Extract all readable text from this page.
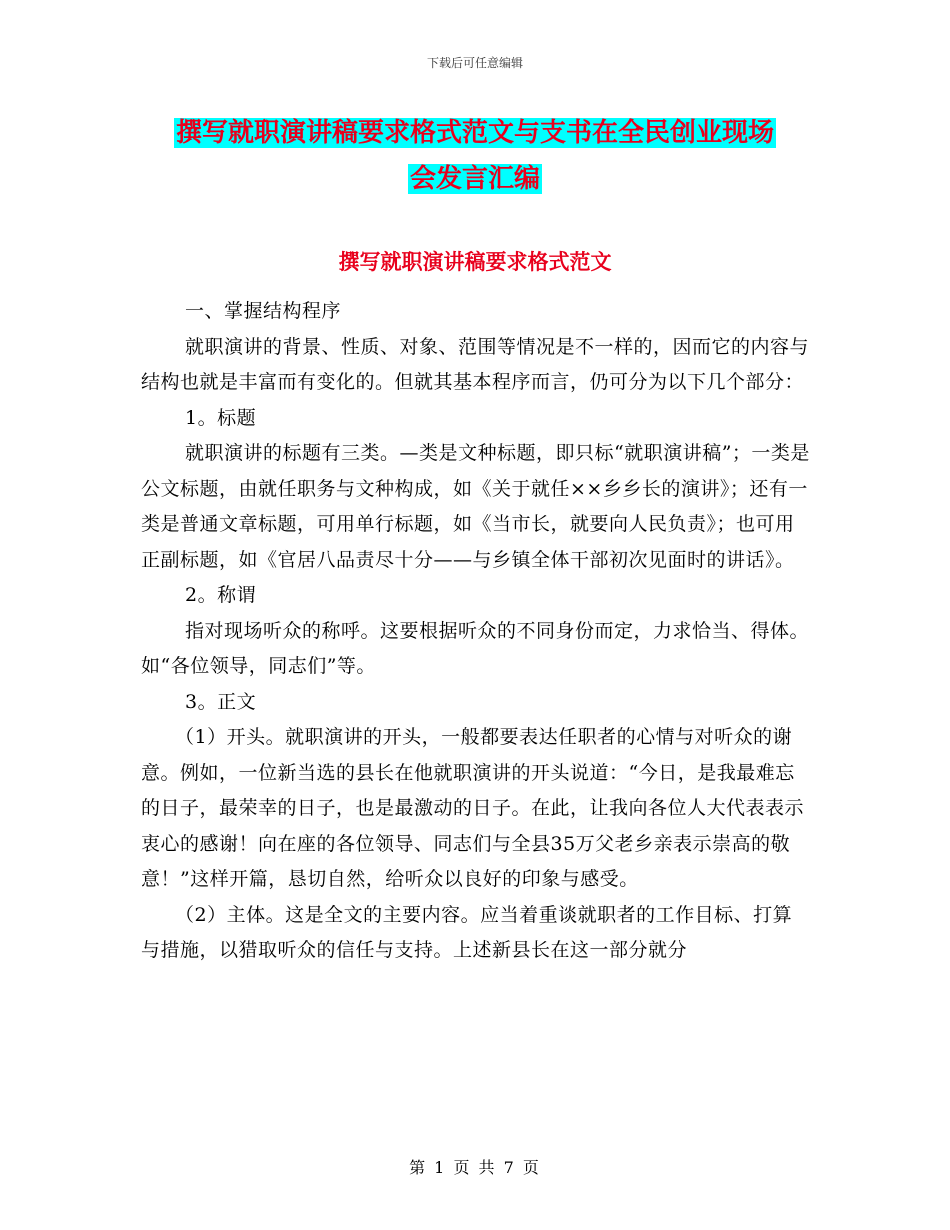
下载后可任意编辑
撰写就职演讲稿要求格式范文与支书在全民创业现场
会发言汇编
撰写就职演讲稿要求格式范文

一、掌握结构程序

就职演讲的背景、性质、对象、范围等情况是不一样的，因而它的内容与结构也就是丰富而有变化的。但就其基本程序而言，仍可分为以下几个部分：

1。标题

就职演讲的标题有三类。—类是文种标题，即只标“就职演讲稿”；一类是公文标题，由就任职务与文种构成，如《关于就任××乡乡长的演讲》；还有一类是普通文章标题，可用单行标题，如《当市长，就要向人民负责》；也可用正副标题，如《官居八品责尽十分——与乡镇全体干部初次见面时的讲话》。

2。称谓

指对现场听众的称呼。这要根据听众的不同身份而定，力求恰当、得体。如“各位领导，同志们”等。

3。正文

（1）开头。就职演讲的开头，一般都要表达任职者的心情与对听众的谢意。例如，一位新当选的县长在他就职演讲的开头说道：“今日，是我最难忘的日子，最荣幸的日子，也是最激动的日子。在此，让我向各位人大代表表示衷心的感谢！向在座的各位领导、同志们与全县35万父老乡亲表示崇高的敬意！”这样开篇，恳切自然，给听众以良好的印象与感受。

（2）主体。这是全文的主要内容。应当着重谈就职者的工作目标、打算与措施，以猎取听众的信任与支持。上述新县长在这一部分就分

第 1 页 共 7 页
